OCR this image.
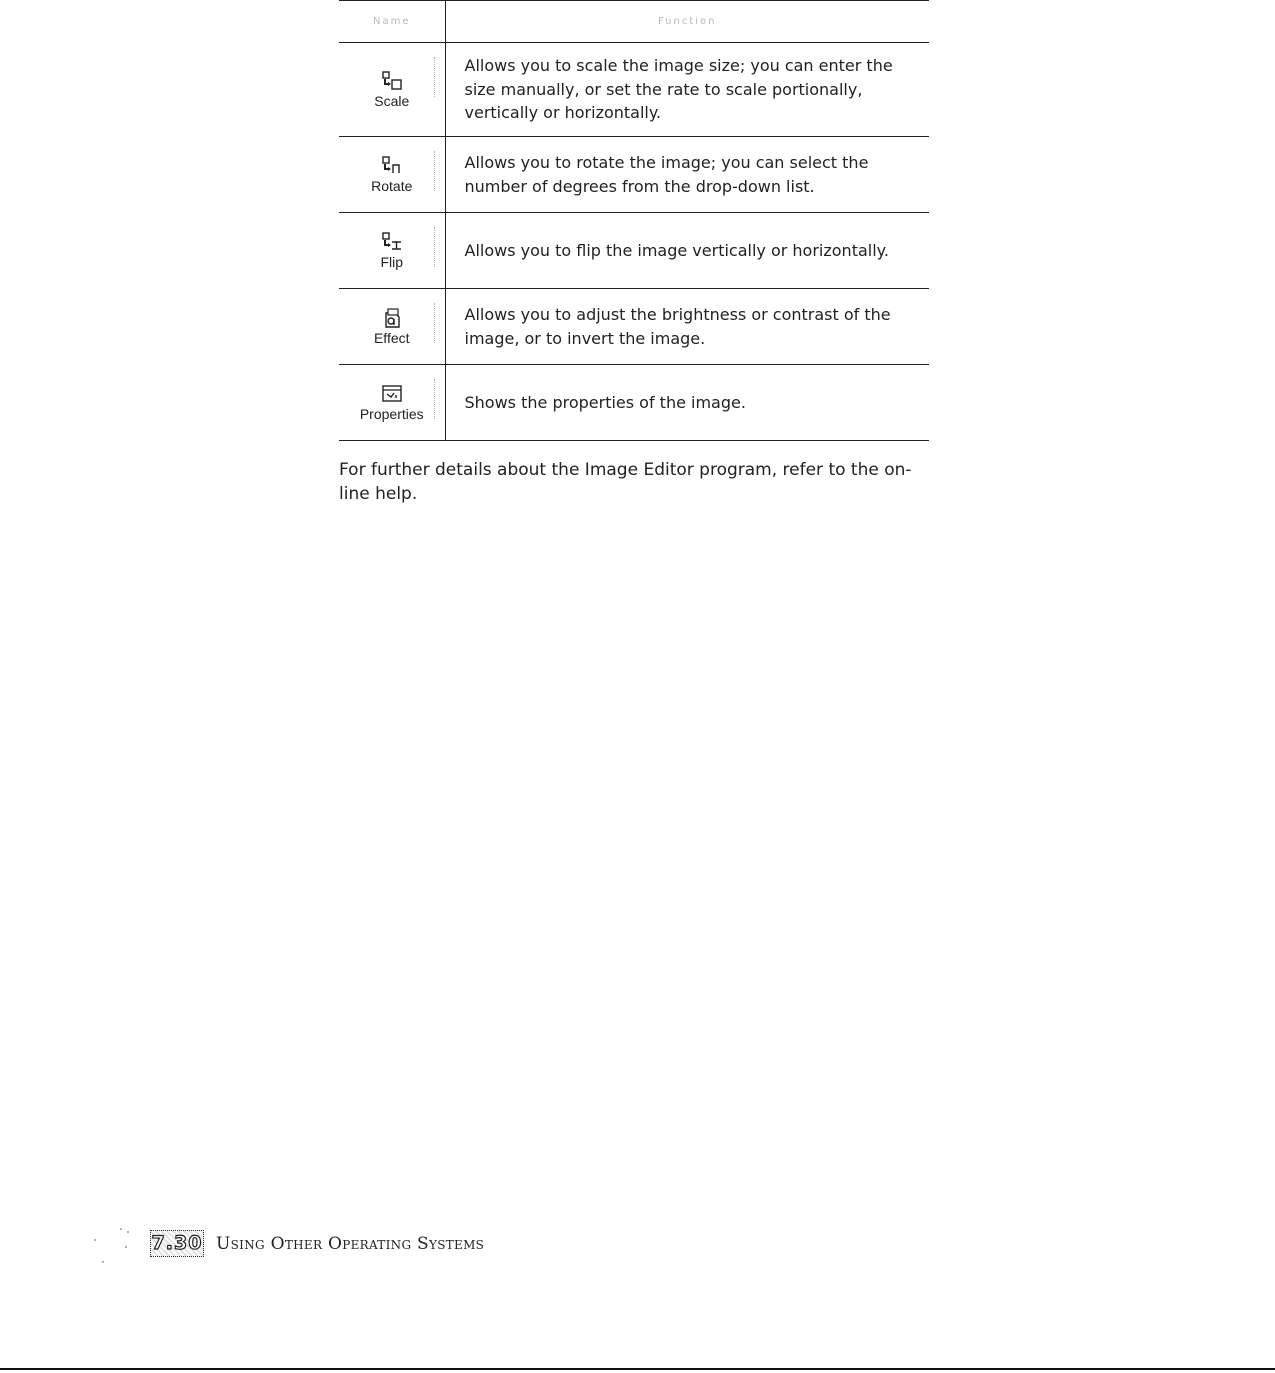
Name	Function

Scale	Allows you to scale the image size; you can enter the size manually, or set the rate to scale portionally, vertically or horizontally.

Rotate	Allows you to rotate the image; you can select the number of degrees from the drop-down list.

Flip	Allows you to flip the image vertically or horizontally.

Effect	Allows you to adjust the brightness or contrast of the image, or to invert the image.

Properties	Shows the properties of the image.

For further details about the Image Editor program, refer to the on-line help.

7.30 Using Other Operating Systems
